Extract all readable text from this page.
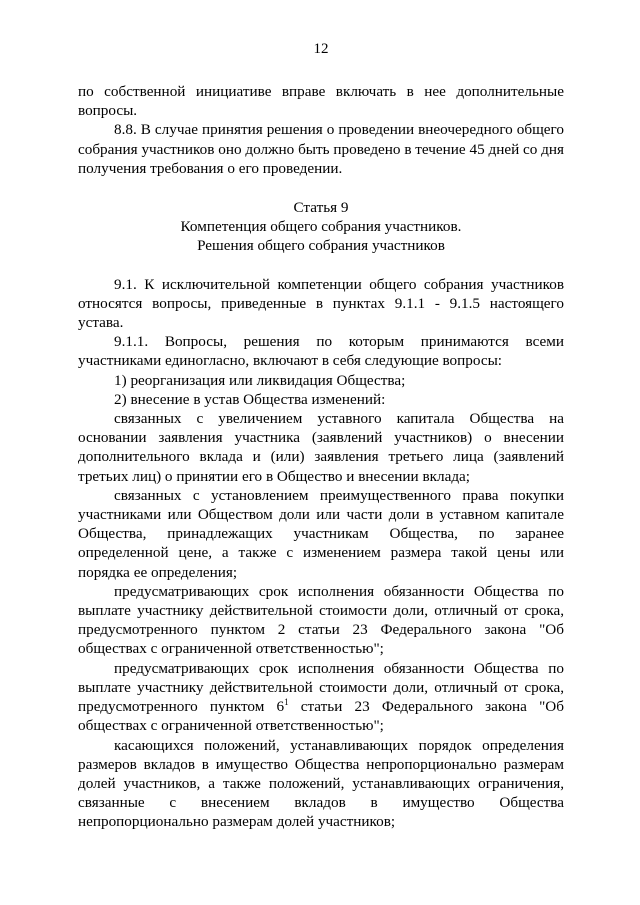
12

по собственной инициативе вправе включать в нее дополнительные вопросы.

8.8. В случае принятия решения о проведении внеочередного общего собрания участников оно должно быть проведено в течение 45 дней со дня получения требования о его проведении.

Статья 9

Компетенция общего собрания участников.

Решения общего собрания участников

9.1. К исключительной компетенции общего собрания участников относятся вопросы, приведенные в пунктах 9.1.1 - 9.1.5 настоящего устава.

9.1.1. Вопросы, решения по которым принимаются всеми участниками единогласно, включают в себя следующие вопросы:

1) реорганизация или ликвидация Общества;

2) внесение в устав Общества изменений:

связанных с увеличением уставного капитала Общества на основании заявления участника (заявлений участников) о внесении дополнительного вклада и (или) заявления третьего лица (заявлений третьих лиц) о принятии его в Общество и внесении вклада;

связанных с установлением преимущественного права покупки участниками или Обществом доли или части доли в уставном капитале Общества, принадлежащих участникам Общества, по заранее определенной цене, а также с изменением размера такой цены или порядка ее определения;

предусматривающих срок исполнения обязанности Общества по выплате участнику действительной стоимости доли, отличный от срока, предусмотренного пунктом 2 статьи 23 Федерального закона "Об обществах с ограниченной ответственностью";

предусматривающих срок исполнения обязанности Общества по выплате участнику действительной стоимости доли, отличный от срока, предусмотренного пунктом $6^1$ статьи 23 Федерального закона "Об обществах с ограниченной ответственностью";

касающихся положений, устанавливающих порядок определения размеров вкладов в имущество Общества непропорционально размерам долей участников, а также положений, устанавливающих ограничения, связанные с внесением вкладов в имущество Общества непропорционально размерам долей участников;
